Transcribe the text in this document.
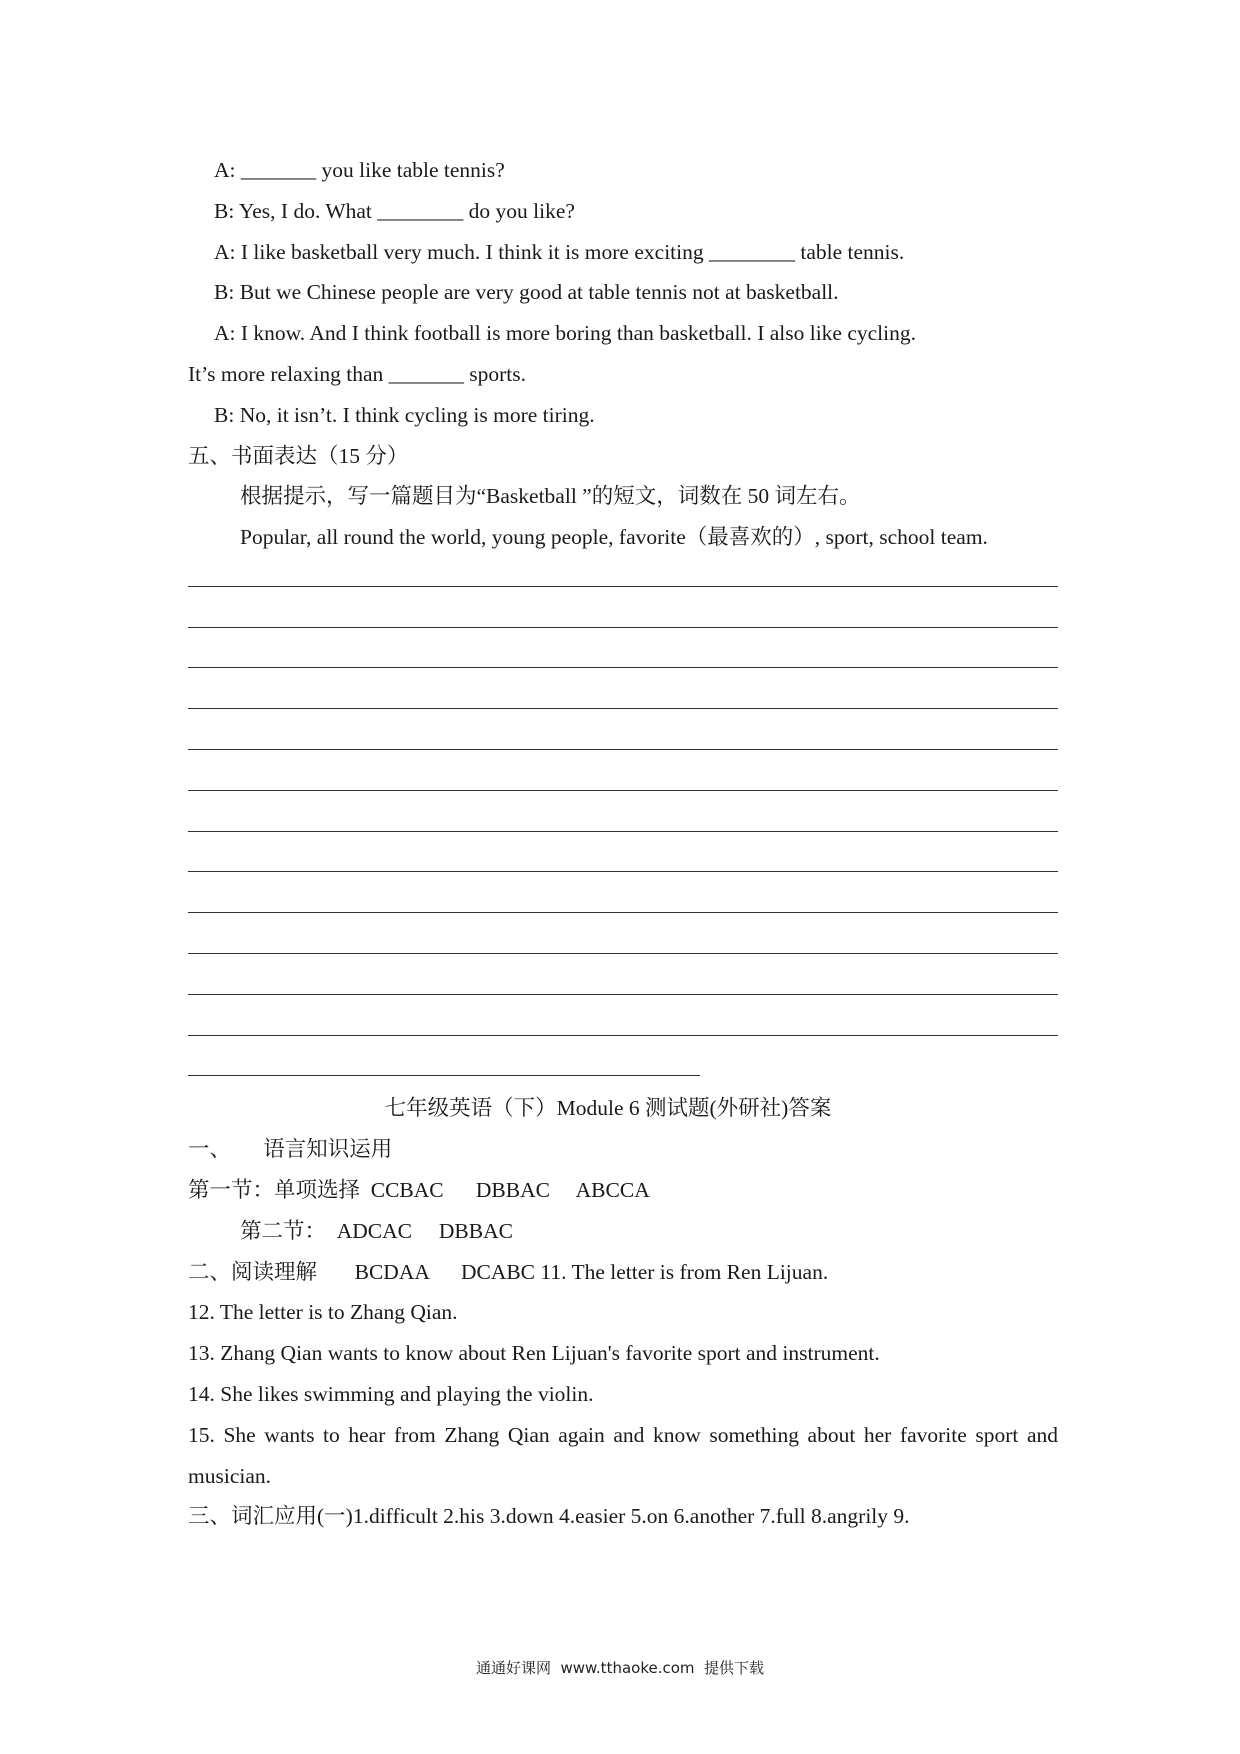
A: _______ you like table tennis?
B: Yes, I do. What ________ do you like?
A: I like basketball very much. I think it is more exciting ________ table tennis.
B: But we Chinese people are very good at table tennis not at basketball.
A: I know. And I think football is more boring than basketball. I also like cycling.
It’s more relaxing than _______ sports.
B: No, it isn’t. I think cycling is more tiring.
五、书面表达（15 分）
根据提示，写一篇题目为“Basketball ”的短文，词数在 50 词左右。
Popular, all round the world, young people, favorite（最喜欢的）, sport, school team.
七年级英语（下）Module 6 测试题(外研社)答案
一、      语言知识运用
第一节：单项选择  CCBAC      DBBAC     ABCCA
第二节：  ADCAC     DBBAC
二、阅读理解       BCDAA      DCABC 11. The letter is from Ren Lijuan.
12. The letter is to Zhang Qian.
13. Zhang Qian wants to know about Ren Lijuan's favorite sport and instrument.
14. She likes swimming and playing the violin.
15. She wants to hear from Zhang Qian again and know something about her favorite sport and musician.
三、词汇应用(一)1.difficult 2.his 3.down 4.easier 5.on 6.another 7.full 8.angrily 9.
通通好课网  www.tthaoke.com  提供下载
